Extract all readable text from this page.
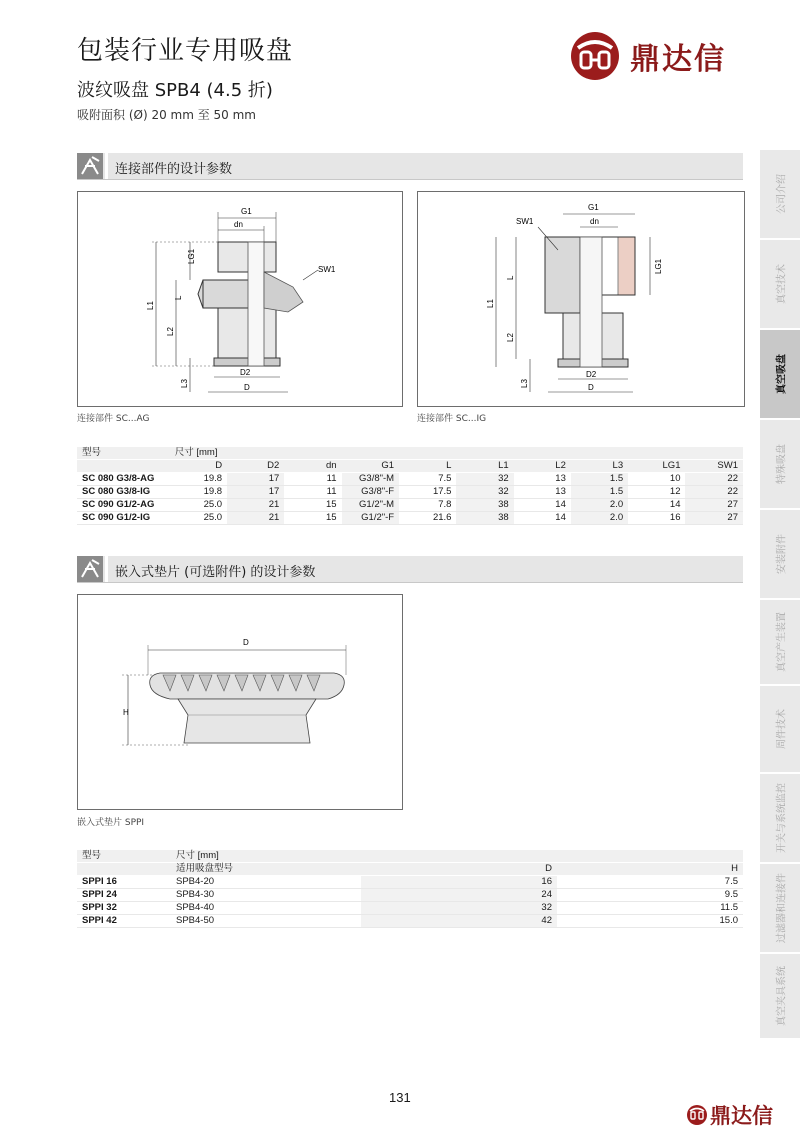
包装行业专用吸盘
波纹吸盘 SPB4 (4.5 折)
吸附面积 (Ø) 20 mm 至 50 mm
鼎达信
连接部件的设计参数
G1
dn
LG1
L
L1
L2
L3
D2
D
SW1
连接部件 SC...AG
G1
dn
SW1
LG1
L
L1
L2
L3
D2
D
连接部件 SC...IG
型号	尺寸 [mm]									
	D	D2	dn	G1	L	L1	L2	L3	LG1	SW1
SC 080 G3/8-AG	19.8	17	11	G3/8"-M	7.5	32	13	1.5	10	22
SC 080 G3/8-IG	19.8	17	11	G3/8"-F	17.5	32	13	1.5	12	22
SC 090 G1/2-AG	25.0	21	15	G1/2"-M	7.8	38	14	2.0	14	27
SC 090 G1/2-IG	25.0	21	15	G1/2"-F	21.6	38	14	2.0	16	27
嵌入式垫片 (可选附件) 的设计参数
D
H
嵌入式垫片 SPPI
型号	尺寸 [mm]		
	适用吸盘型号	D	H
SPPI 16	SPB4-20	16	7.5
SPPI 24	SPB4-30	24	9.5
SPPI 32	SPB4-40	32	11.5
SPPI 42	SPB4-50	42	15.0
公司介绍
真空技术
真空吸盘
特殊吸盘
安装附件
真空产生装置
周件技术
开关与系统监控
过滤器和连接件
真空夹具系统
131
鼎达信
